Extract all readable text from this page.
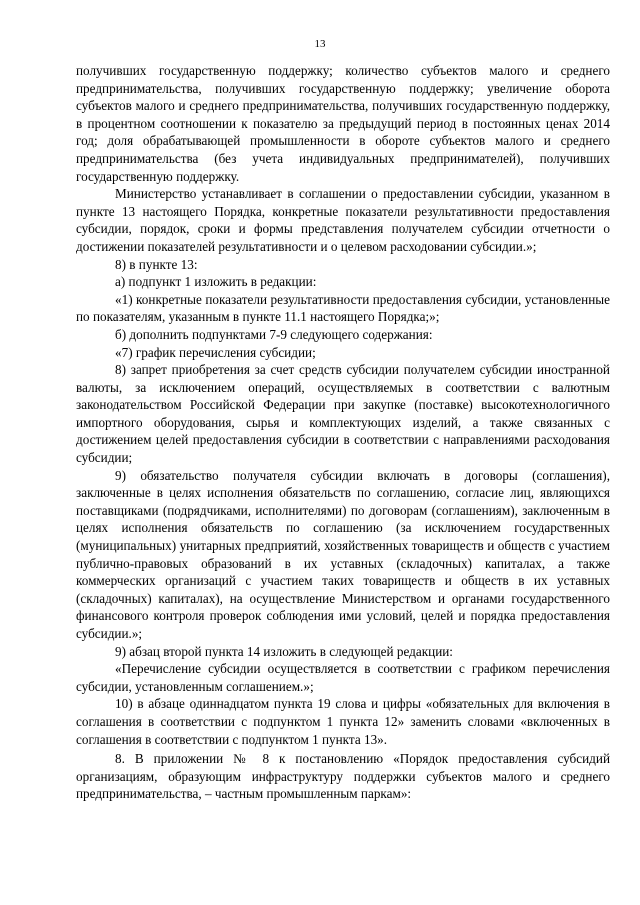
13

получивших государственную поддержку; количество субъектов малого и среднего предпринимательства, получивших государственную поддержку; увеличение оборота субъектов малого и среднего предпринимательства, получивших государственную поддержку, в процентном соотношении к показателю за предыдущий период в постоянных ценах 2014 год; доля обрабатывающей промышленности в обороте субъектов малого и среднего предпринимательства (без учета индивидуальных предпринимателей), получивших государственную поддержку.

Министерство устанавливает в соглашении о предоставлении субсидии, указанном в пункте 13 настоящего Порядка, конкретные показатели результативности предоставления субсидии, порядок, сроки и формы представления получателем субсидии отчетности о достижении показателей результативности и о целевом расходовании субсидии.»;

8) в пункте 13:

а) подпункт 1 изложить в редакции:

«1) конкретные показатели результативности предоставления субсидии, установленные по показателям, указанным в пункте 11.1 настоящего Порядка;»;

б) дополнить подпунктами 7-9 следующего содержания:

«7) график перечисления субсидии;

8) запрет приобретения за счет средств субсидии получателем субсидии иностранной валюты, за исключением операций, осуществляемых в соответствии с валютным законодательством Российской Федерации при закупке (поставке) высокотехнологичного импортного оборудования, сырья и комплектующих изделий, а также связанных с достижением целей предоставления субсидии в соответствии с направлениями расходования субсидии;

9) обязательство получателя субсидии включать в договоры (соглашения), заключенные в целях исполнения обязательств по соглашению, согласие лиц, являющихся поставщиками (подрядчиками, исполнителями) по договорам (соглашениям), заключенным в целях исполнения обязательств по соглашению (за исключением государственных (муниципальных) унитарных предприятий, хозяйственных товариществ и обществ с участием публично-правовых образований в их уставных (складочных) капиталах, а также коммерческих организаций с участием таких товариществ и обществ в их уставных (складочных) капиталах), на осуществление Министерством и органами государственного финансового контроля проверок соблюдения ими условий, целей и порядка предоставления субсидии.»;

9) абзац второй пункта 14 изложить в следующей редакции:

«Перечисление субсидии осуществляется в соответствии с графиком перечисления субсидии, установленным соглашением.»;

10) в абзаце одиннадцатом пункта 19 слова и цифры «обязательных для включения в соглашения в соответствии с подпунктом 1 пункта 12» заменить словами «включенных в соглашения в соответствии с подпунктом 1 пункта 13».

8. В приложении № 8 к постановлению «Порядок предоставления субсидий организациям, образующим инфраструктуру поддержки субъектов малого и среднего предпринимательства, – частным промышленным паркам»:
